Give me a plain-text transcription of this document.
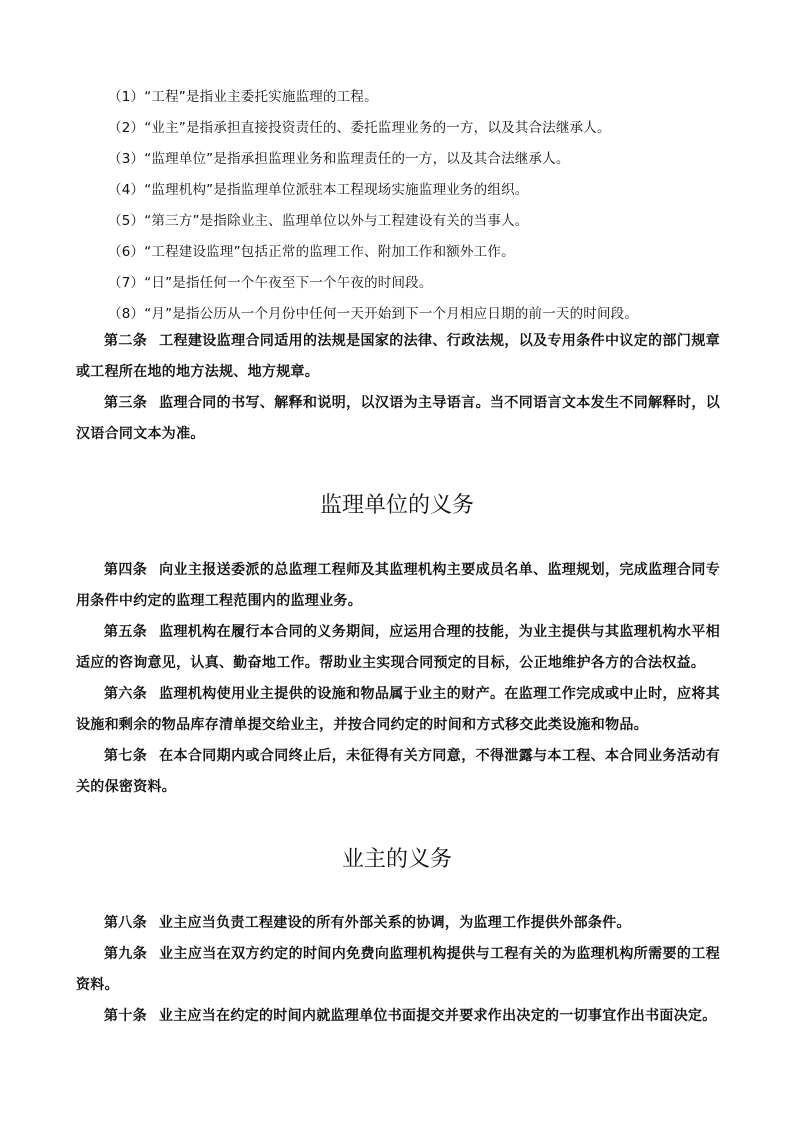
（1）“工程”是指业主委托实施监理的工程。
（2）“业主”是指承担直接投资责任的、委托监理业务的一方，以及其合法继承人。
（3）“监理单位”是指承担监理业务和监理责任的一方，以及其合法继承人。
（4）“监理机构”是指监理单位派驻本工程现场实施监理业务的组织。
（5）“第三方”是指除业主、监理单位以外与工程建设有关的当事人。
（6）“工程建设监理”包括正常的监理工作、附加工作和额外工作。
（7）“日”是指任何一个午夜至下一个午夜的时间段。
（8）“月”是指公历从一个月份中任何一天开始到下一个月相应日期的前一天的时间段。

第二条 工程建设监理合同适用的法规是国家的法律、行政法规，以及专用条件中议定的部门规章或工程所在地的地方法规、地方规章。

第三条 监理合同的书写、解释和说明，以汉语为主导语言。当不同语言文本发生不同解释时，以汉语合同文本为准。

监理单位的义务

第四条 向业主报送委派的总监理工程师及其监理机构主要成员名单、监理规划，完成监理合同专用条件中约定的监理工程范围内的监理业务。

第五条 监理机构在履行本合同的义务期间，应运用合理的技能，为业主提供与其监理机构水平相适应的咨询意见，认真、勤奋地工作。帮助业主实现合同预定的目标，公正地维护各方的合法权益。

第六条 监理机构使用业主提供的设施和物品属于业主的财产。在监理工作完成或中止时，应将其设施和剩余的物品库存清单提交给业主，并按合同约定的时间和方式移交此类设施和物品。

第七条 在本合同期内或合同终止后，未征得有关方同意，不得泄露与本工程、本合同业务活动有关的保密资料。

业主的义务

第八条 业主应当负责工程建设的所有外部关系的协调，为监理工作提供外部条件。

第九条 业主应当在双方约定的时间内免费向监理机构提供与工程有关的为监理机构所需要的工程资料。

第十条 业主应当在约定的时间内就监理单位书面提交并要求作出决定的一切事宜作出书面决定。
